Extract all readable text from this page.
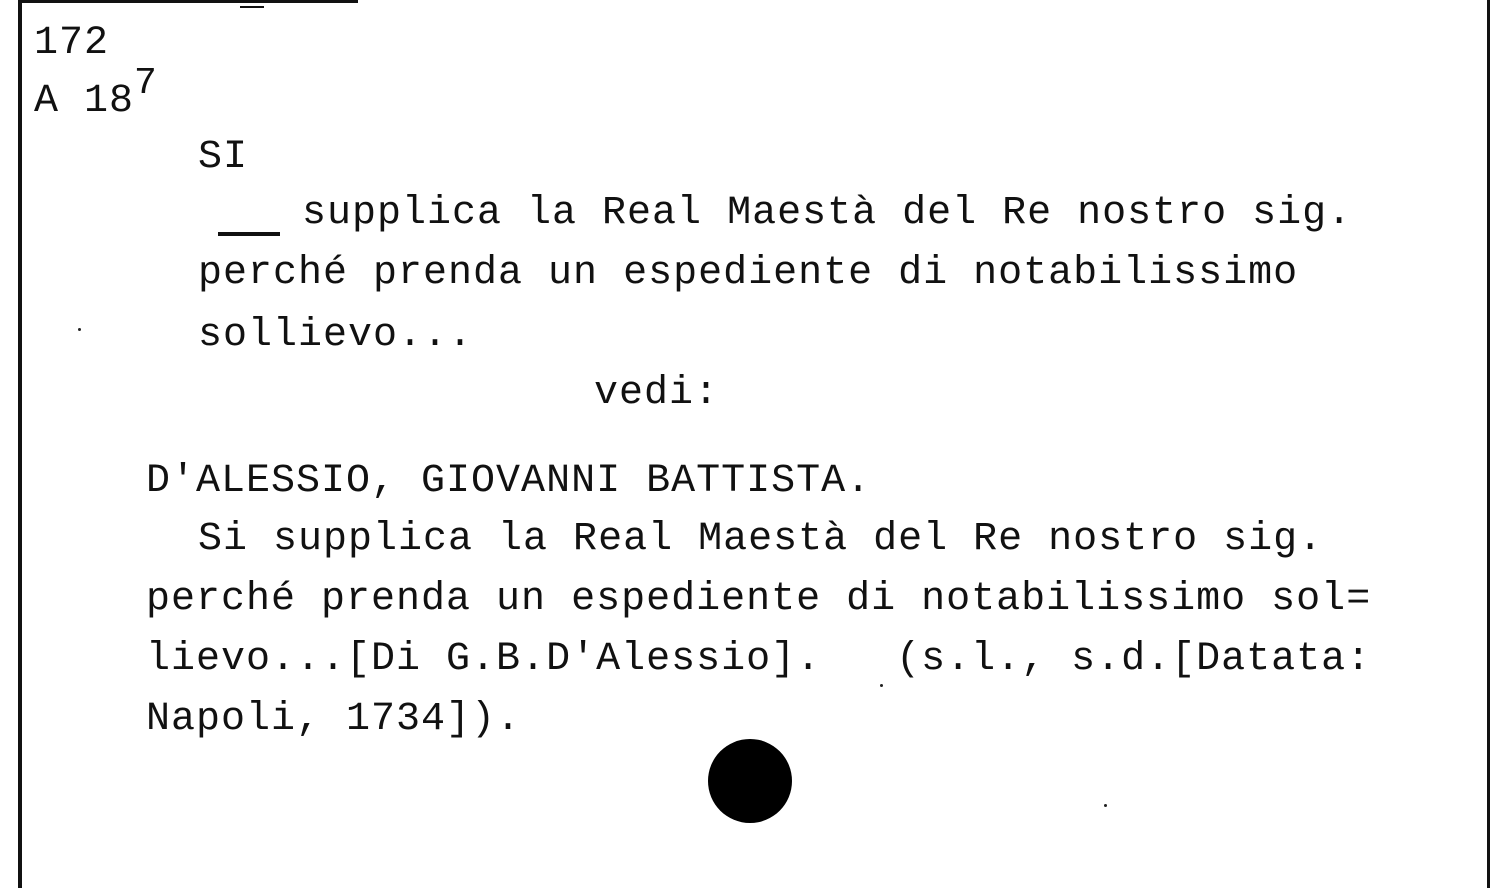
172
A 187
SI
supplica la Real Maestà del Re nostro sig.
perché prenda un espediente di notabilissimo
sollievo...
vedi:
D'ALESSIO, GIOVANNI BATTISTA.
Si supplica la Real Maestà del Re nostro sig.
perché prenda un espediente di notabilissimo sol=
lievo...[Di G.B.D'Alessio].   (s.l., s.d.[Datata:
Napoli, 1734]).
